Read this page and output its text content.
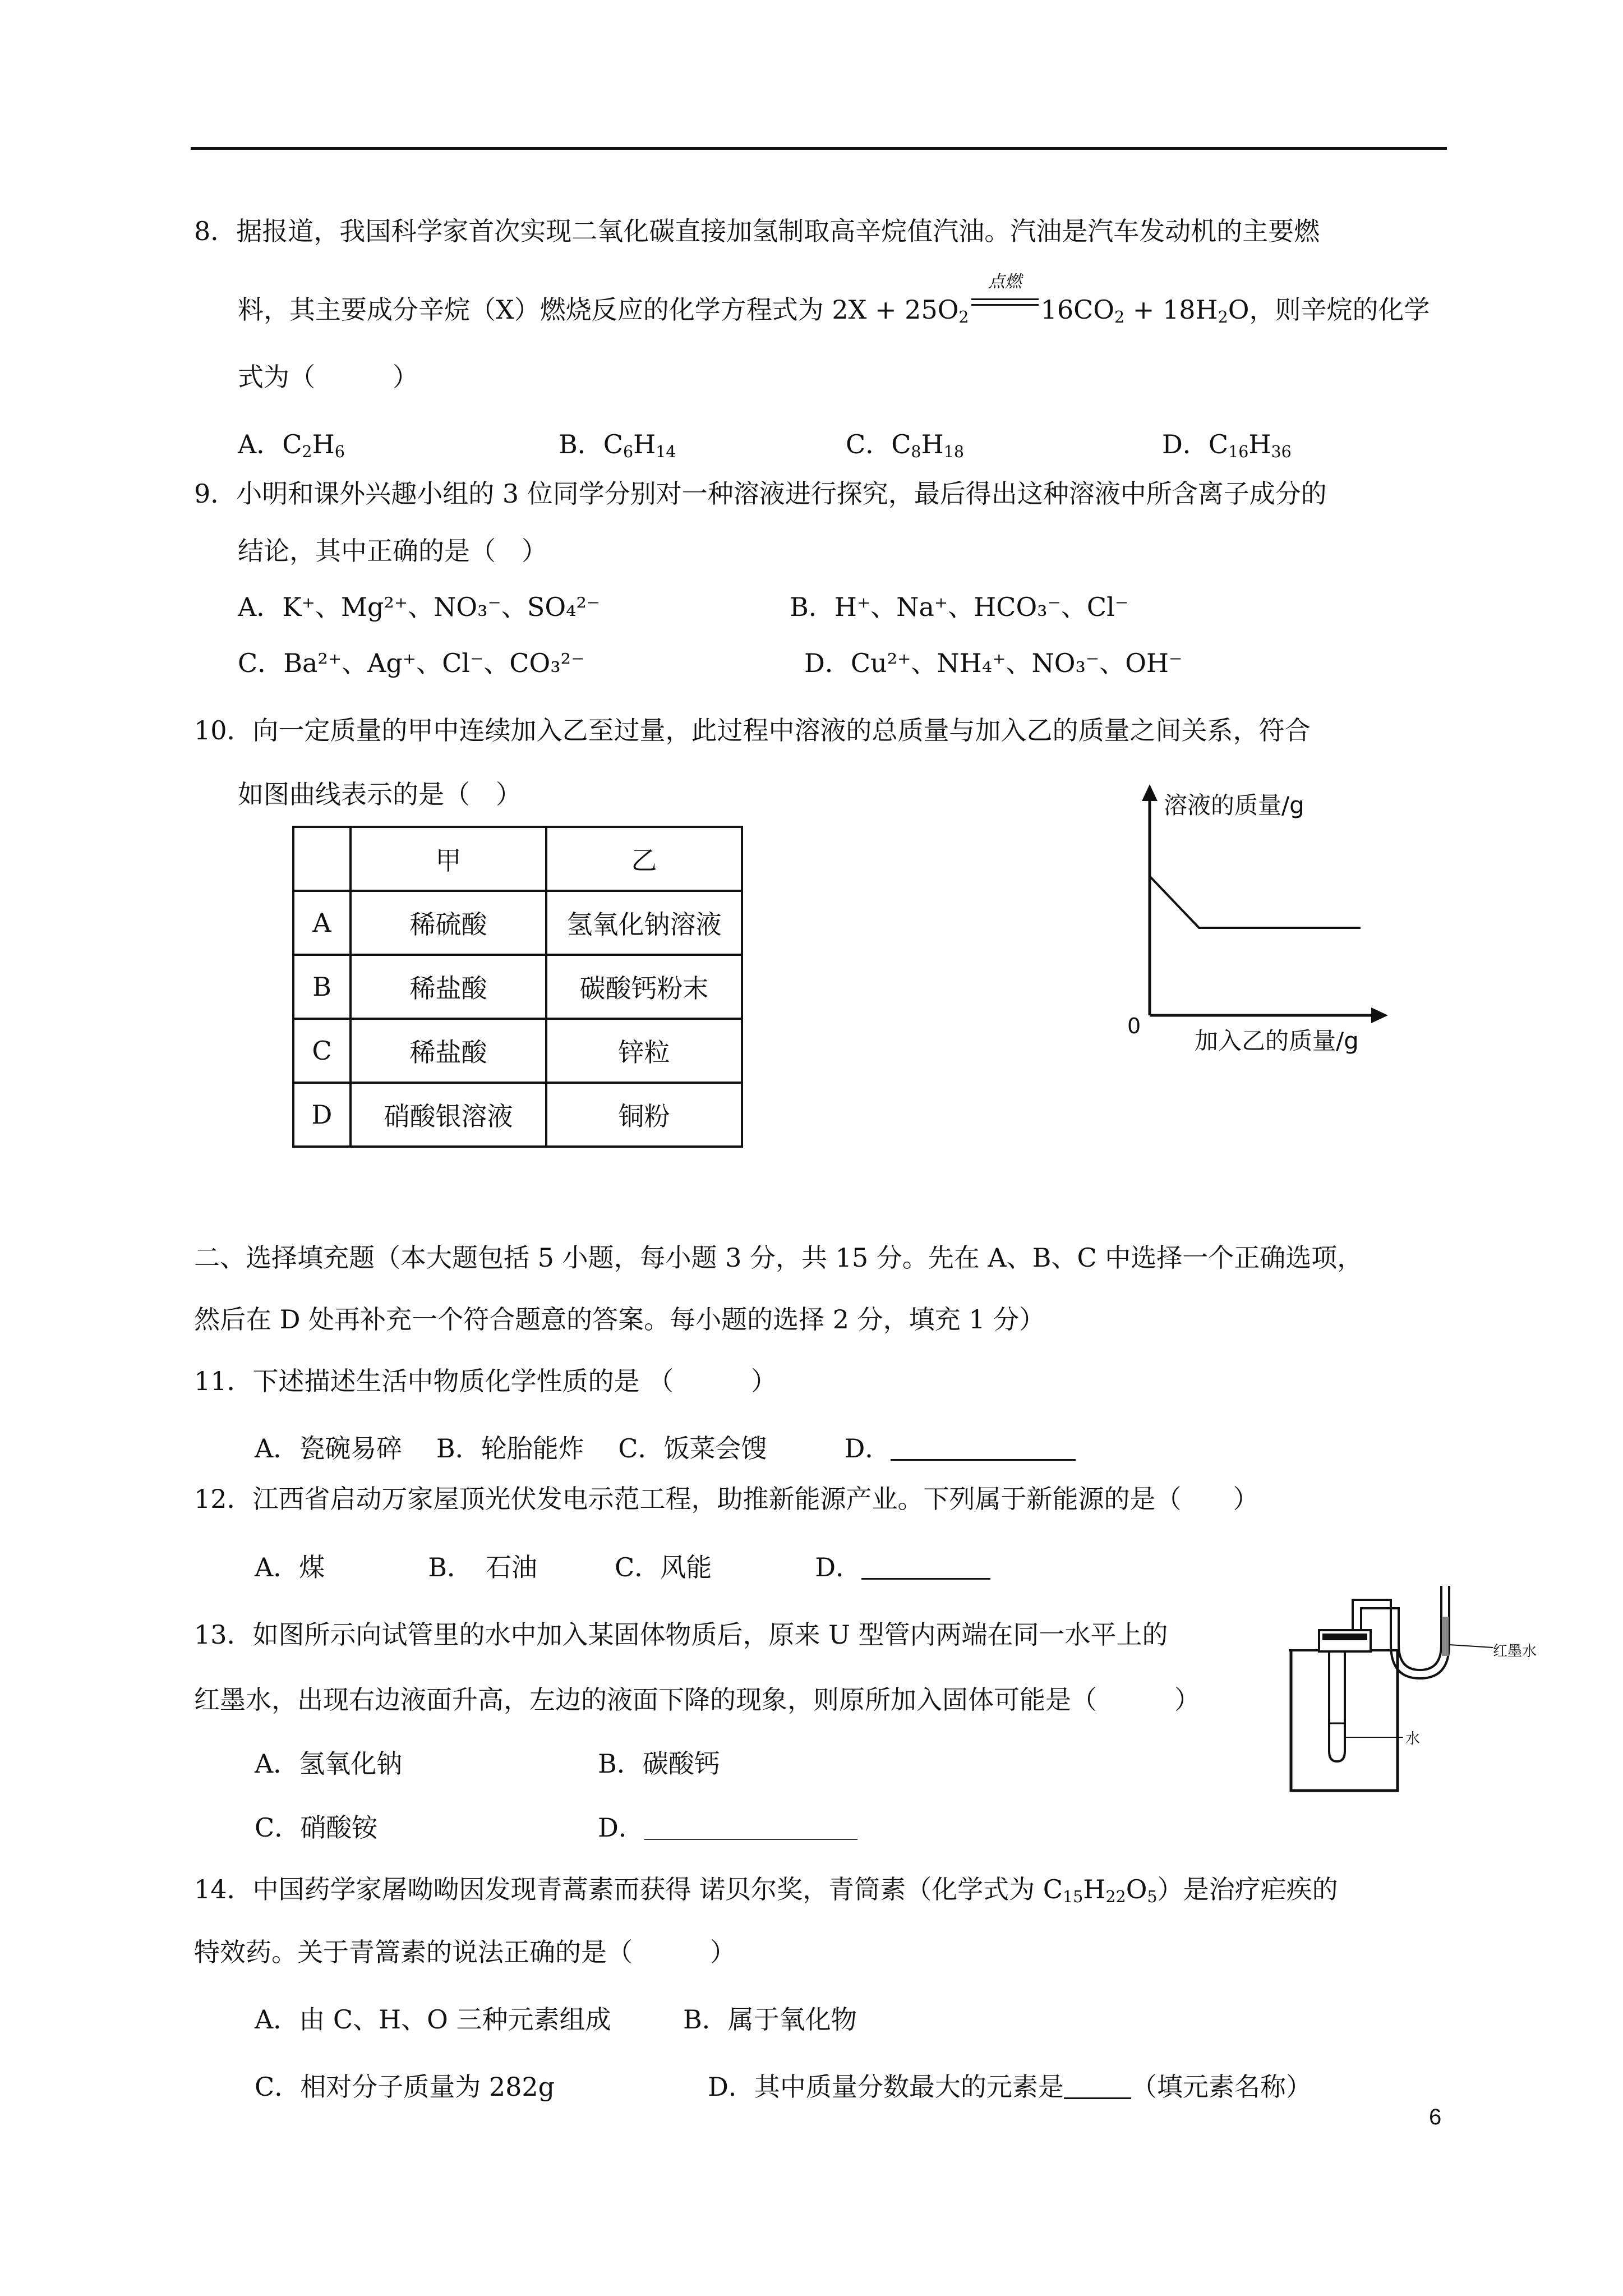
8．据报道，我国科学家首次实现二氧化碳直接加氢制取高辛烷值汽油。汽油是汽车发动机的主要燃
料，其主要成分辛烷（X）燃烧反应的化学方程式为 $2X + 25O_2$
点燃
$16CO_2 + 18H_2O$，则辛烷的化学
式为（　　　）
A．$C_2H_6$	B．$C_6H_{14}$	C．$C_8H_{18}$	D．$C_{16}H_{36}$
9．小明和课外兴趣小组的 3 位同学分别对一种溶液进行探究，最后得出这种溶液中所含离子成分的
结论，其中正确的是（　）
A．K⁺、Mg²⁺、NO₃⁻、SO₄²⁻	B．H⁺、Na⁺、HCO₃⁻、Cl⁻
C．Ba²⁺、Ag⁺、Cl⁻、CO₃²⁻	D．Cu²⁺、NH₄⁺、NO₃⁻、OH⁻
10．向一定质量的甲中连续加入乙至过量，此过程中溶液的总质量与加入乙的质量之间关系，符合
如图曲线表示的是（　）
	甲	乙
A	稀硫酸	氢氧化钠溶液
B	稀盐酸	碳酸钙粉末
C	稀盐酸	锌粒
D	硝酸银溶液	铜粉
溶液的质量/g
0
加入乙的质量/g
二、选择填充题（本大题包括 5 小题，每小题 3 分，共 15 分。先在 A、B、C 中选择一个正确选项，
然后在 D 处再补充一个符合题意的答案。每小题的选择 2 分，填充 1 分）
11．下述描述生活中物质化学性质的是 （　　　）
A．瓷碗易碎　 B．轮胎能炸　 C．饭菜会馊　　　D．
12．江西省启动万家屋顶光伏发电示范工程，助推新能源产业。下列属于新能源的是（　　）
A．煤　　　　B．　石油　　　C．风能　　　　D．
13．如图所示向试管里的水中加入某固体物质后，原来 U 型管内两端在同一水平上的
红墨水，出现右边液面升高，左边的液面下降的现象，则原所加入固体可能是（　　　）
A．氢氧化钠	B．碳酸钙
C．硝酸铵	D．
红墨水
水
14．中国药学家屠呦呦因发现青蒿素而获得 诺贝尔奖，青筒素（化学式为 $C_{15}H_{22}O_5$）是治疗疟疾的
特效药。关于青篙素的说法正确的是（　　　）
A．由 C、H、O 三种元素组成	B．属于氧化物
C．相对分子质量为 282g	D．其中质量分数最大的元素是	（填元素名称）
6
